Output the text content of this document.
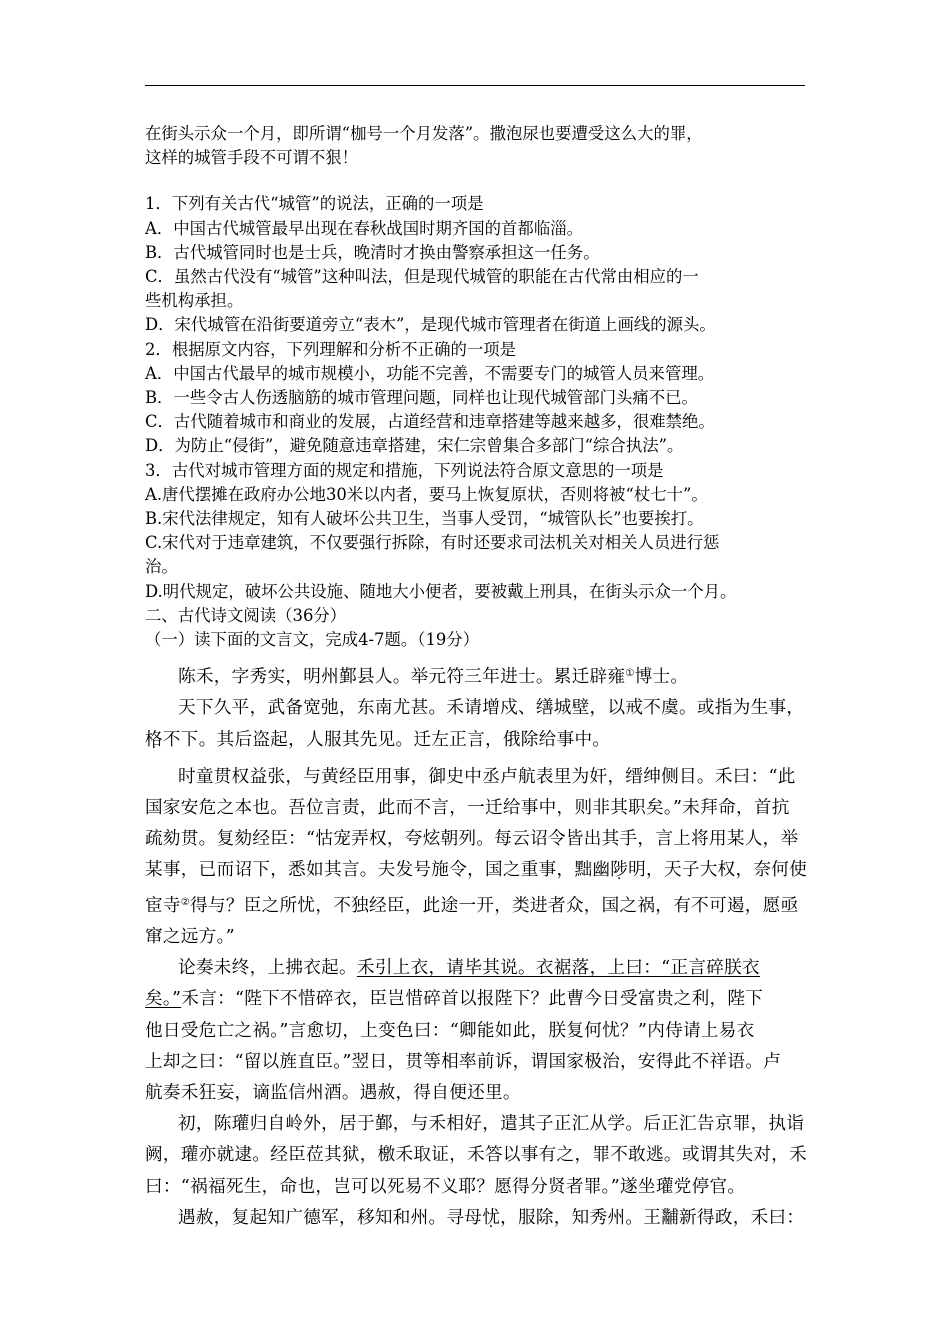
在街头示众一个月，即所谓“枷号一个月发落”。撒泡尿也要遭受这么大的罪，
这样的城管手段不可谓不狠！
1．下列有关古代“城管”的说法，正确的一项是
A．中国古代城管最早出现在春秋战国时期齐国的首都临淄。
B．古代城管同时也是士兵，晚清时才换由警察承担这一任务。
C．虽然古代没有“城管”这种叫法，但是现代城管的职能在古代常由相应的一
些机构承担。
D．宋代城管在沿街要道旁立“表木”，是现代城市管理者在街道上画线的源头。
2．根据原文内容，下列理解和分析不正确的一项是
A．中国古代最早的城市规模小，功能不完善，不需要专门的城管人员来管理。
B．一些令古人伤透脑筋的城市管理问题，同样也让现代城管部门头痛不已。
C．古代随着城市和商业的发展，占道经营和违章搭建等越来越多，很难禁绝。
D．为防止“侵街”，避免随意违章搭建，宋仁宗曾集合多部门“综合执法”。
3．古代对城市管理方面的规定和措施，下列说法符合原文意思的一项是
A.唐代摆摊在政府办公地30米以内者，要马上恢复原状，否则将被“杖七十”。
B.宋代法律规定，知有人破坏公共卫生，当事人受罚，“城管队长”也要挨打。
C.宋代对于违章建筑，不仅要强行拆除，有时还要求司法机关对相关人员进行惩
治。
D.明代规定，破坏公共设施、随地大小便者，要被戴上刑具，在街头示众一个月。
二、古代诗文阅读（36分）
（一）读下面的文言文，完成4-7题。（19分）
陈禾，字秀实，明州鄞县人。举元符三年进士。累迁辟雍①博士。
天下久平，武备宽弛，东南尤甚。禾请增戍、缮城壁，以戒不虞。或指为生事，
格不下。其后盗起，人服其先见。迁左正言，俄除给事中。
时童贯权益张，与黄经臣用事，御史中丞卢航表里为奸，缙绅侧目。禾曰：“此
国家安危之本也。吾位言责，此而不言，一迁给事中，则非其职矣。”未拜命，首抗
疏劾贯。复劾经臣：“怙宠弄权，夸炫朝列。每云诏令皆出其手，言上将用某人，举
某事，已而诏下，悉如其言。夫发号施令，国之重事，黜幽陟明，天子大权，奈何使
宦寺②得与？臣之所忧，不独经臣，此途一开，类进者众，国之祸，有不可遏，愿亟
窜之远方。”
论奏未终，上拂衣起。禾引上衣，请毕其说。衣裾落，上曰：“正言碎朕衣
矣。”禾言：“陛下不惜碎衣，臣岂惜碎首以报陛下？此曹今日受富贵之利，陛下
他日受危亡之祸。”言愈切，上变色曰：“卿能如此，朕复何忧？”内侍请上易衣
上却之曰：“留以旌直臣。”翌日，贯等相率前诉，谓国家极治，安得此不祥语。卢
航奏禾狂妄，谪监信州酒。遇赦，得自便还里。
初，陈瓘归自岭外，居于鄞，与禾相好，遣其子正汇从学。后正汇告京罪，执诣
阙，瓘亦就逮。经臣莅其狱，檄禾取证，禾答以事有之，罪不敢逃。或谓其失对，禾
曰：“祸福死生，命也，岂可以死易不义耶？愿得分贤者罪。”遂坐瓘党停官。
遇赦，复起知广德军，移知和州。寻母忧，服除，知秀州。王黼新得政，禾曰：
